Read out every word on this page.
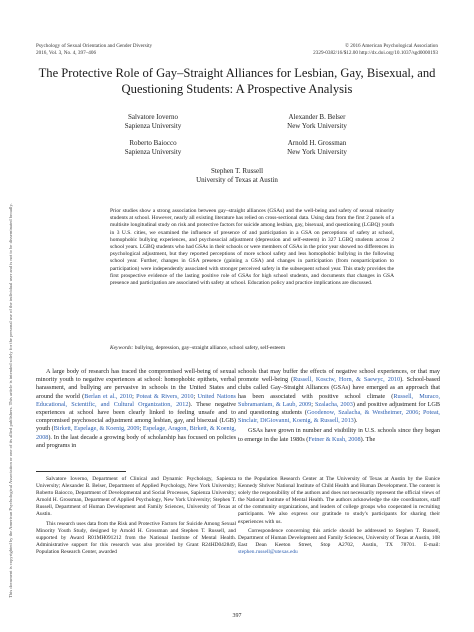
This document is copyrighted by the American Psychological Association or one of its allied publishers. This article is intended solely for the personal use of the individual user and is not to be disseminated broadly.
Psychology of Sexual Orientation and Gender Diversity
2016, Vol. 3, No. 4, 397–406
© 2016 American Psychological Association
2329-0382/16/$12.00 http://dx.doi.org/10.1037/sgd0000193
The Protective Role of Gay–Straight Alliances for Lesbian, Gay, Bisexual, and Questioning Students: A Prospective Analysis
Salvatore Ioverno
Sapienza University
Alexander B. Belser
New York University
Roberto Baiocco
Sapienza University
Arnold H. Grossman
New York University
Stephen T. Russell
University of Texas at Austin
Prior studies show a strong association between gay–straight alliances (GSAs) and the well-being and safety of sexual minority students at school. However, nearly all existing literature has relied on cross-sectional data. Using data from the first 2 panels of a multisite longitudinal study on risk and protective factors for suicide among lesbian, gay, bisexual, and questioning (LGBQ) youth in 3 U.S. cities, we examined the influence of presence of and participation in a GSA on perceptions of safety at school, homophobic bullying experiences, and psychosocial adjustment (depression and self-esteem) in 327 LGBQ students across 2 school years. LGBQ students who had GSAs in their schools or were members of GSAs in the prior year showed no differences in psychological adjustment, but they reported perceptions of more school safety and less homophobic bullying in the following school year. Further, changes in GSA presence (gaining a GSA) and changes in participation (from nonparticipation to participation) were independently associated with stronger perceived safety in the subsequent school year. This study provides the first prospective evidence of the lasting positive role of GSAs for high school students, and documents that changes in GSA presence and participation are associated with safety at school. Education policy and practice implications are discussed.
Keywords: bullying, depression, gay–straight alliance, school safety, self-esteem

A large body of research has traced the compromised well-being of sexual minority youth to negative experiences at school: homophobic epithets, verbal harassment, and bullying are pervasive in schools in the United States and around the world (Berlan et al., 2010; Poteat & Rivers, 2010; United Nations Educational, Scientific, and Cultural Organization, 2012). These negative experiences at school have been clearly linked to feeling unsafe and to compromised psychosocial adjustment among lesbian, gay, and bisexual (LGB) youth (Birkett, Espelage, & Koenig, 2009; Espelage, Aragon, Birkett, & Koenig, 2008). In the last decade a growing body of scholarship has focused on policies and programs in

schools that may buffer the effects of negative school experiences, or that may promote well-being (Russell, Kosciw, Horn, & Saewyc, 2010). School-based clubs called Gay–Straight Alliances (GSAs) have emerged as an approach that has been associated with positive school climate (Russell, Muraco, Subramaniam, & Laub, 2009; Szalacha, 2003) and positive adjustment for LGB and questioning students (Goodenow, Szalacha, & Westheimer, 2006; Poteat, Sinclair, DiGiovanni, Koenig, & Russell, 2013).

GSAs have grown in number and visibility in U.S. schools since they began to emerge in the late 1980s (Fetner & Kush, 2008). The

Salvatore Ioverno, Department of Clinical and Dynamic Psychology, Sapienza University; Alexander B. Belser, Department of Applied Psychology, New York University; Roberto Baiocco, Department of Developmental and Social Processes, Sapienza University; Arnold H. Grossman, Department of Applied Psychology, New York University; Stephen T. Russell, Department of Human Development and Family Sciences, University of Texas at Austin.

This research uses data from the Risk and Protective Factors for Suicide Among Sexual Minority Youth Study, designed by Arnold H. Grossman and Stephen T. Russell, and supported by Award R01MH091212 from the National Institute of Mental Health. Administrative support for this research was also provided by Grant R24HD042849, Population Research Center, awarded

to the Population Research Center at The University of Texas at Austin by the Eunice Kennedy Shriver National Institute of Child Health and Human Development. The content is solely the responsibility of the authors and does not necessarily represent the official views of the National Institute of Mental Health. The authors acknowledge the site coordinators, staff of the community organizations, and leaders of college groups who cooperated in recruiting participants. We also express our gratitude to study's participants for sharing their experiences with us.

Correspondence concerning this article should be addressed to Stephen T. Russell, Department of Human Development and Family Sciences, University of Texas at Austin, 108 East Dean Keeton Street, Stop A2702, Austin, TX 78701. E-mail: stephen.russell@utexas.edu

397
